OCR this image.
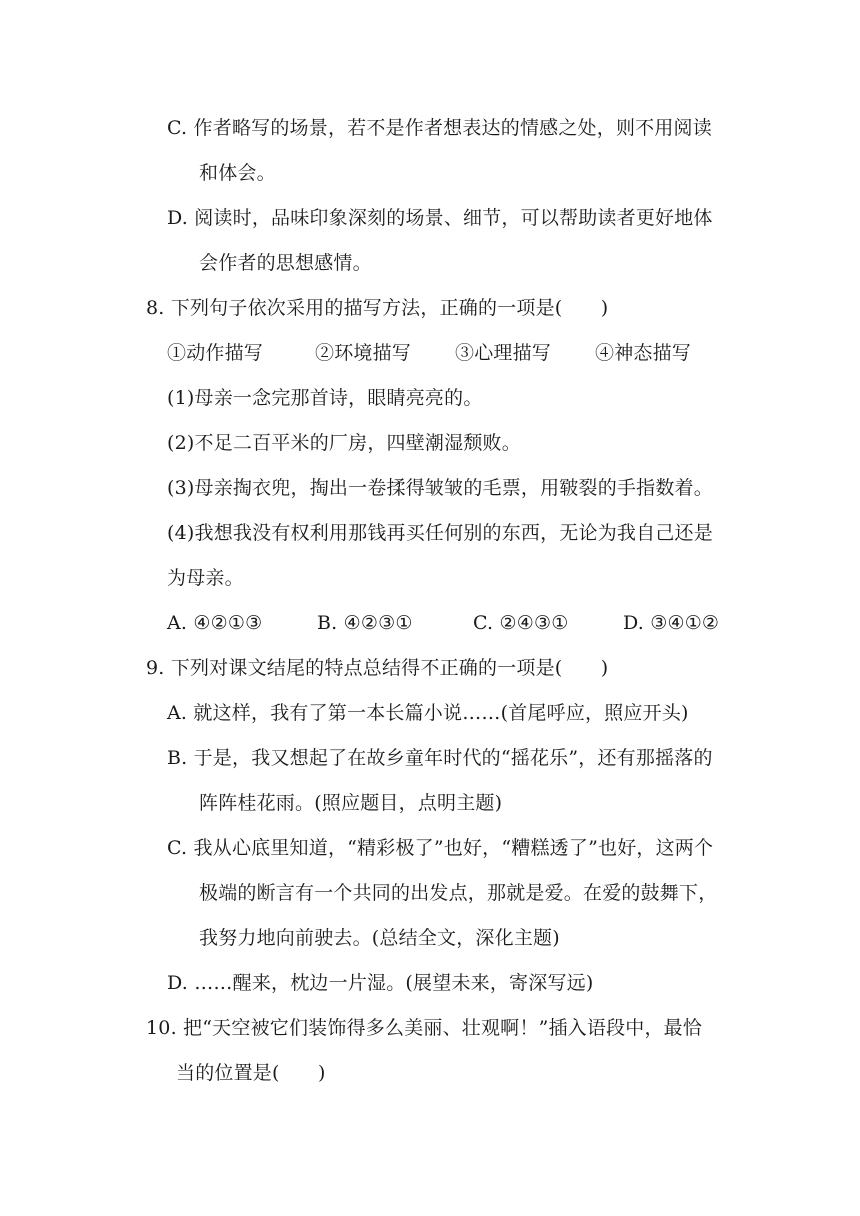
C. 作者略写的场景，若不是作者想表达的情感之处，则不用阅读
和体会。
D. 阅读时，品味印象深刻的场景、细节，可以帮助读者更好地体
会作者的思想感情。
8. 下列句子依次采用的描写方法，正确的一项是(　　)
①动作描写	②环境描写 ③心理描写 ④神态描写
(1)母亲一念完那首诗，眼睛亮亮的。
(2)不足二百平米的厂房，四壁潮湿颓败。
(3)母亲掏衣兜，掏出一卷揉得皱皱的毛票，用皲裂的手指数着。
(4)我想我没有权利用那钱再买任何别的东西，无论为我自己还是
为母亲。
A. ④②①③	B. ④②③①	C. ②④③①	D. ③④①②
9. 下列对课文结尾的特点总结得不正确的一项是(　　)
A. 就这样，我有了第一本长篇小说……(首尾呼应，照应开头)
B. 于是，我又想起了在故乡童年时代的“摇花乐”，还有那摇落的
阵阵桂花雨。(照应题目，点明主题)
C. 我从心底里知道，“精彩极了”也好，“糟糕透了”也好，这两个
极端的断言有一个共同的出发点，那就是爱。在爱的鼓舞下，
我努力地向前驶去。(总结全文，深化主题)
D. ……醒来，枕边一片湿。(展望未来，寄深写远)
10. 把“天空被它们装饰得多么美丽、壮观啊！”插入语段中，最恰
当的位置是(　　)
